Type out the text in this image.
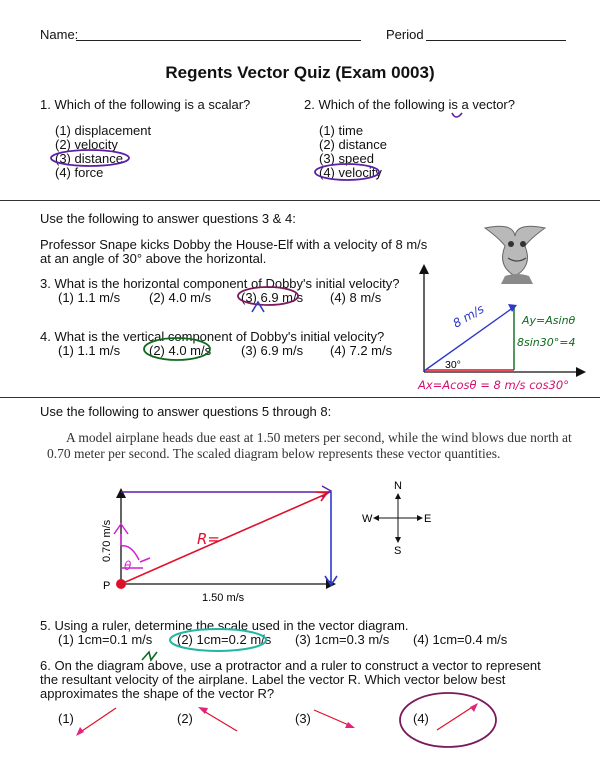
Name:	Period
Regents Vector Quiz (Exam 0003)
1. Which of the following is a scalar?
(1) displacement
(2) velocity
(3) distance
(4) force
2. Which of the following is a vector?
(1) time
(2) distance
(3) speed
(4) velocity
Use the following to answer questions 3 & 4:
Professor Snape kicks Dobby the House-Elf with a velocity of 8 m/s
at an angle of 30° above the horizontal.
3. What is the horizontal component of Dobby's initial velocity?
(1) 1.1 m/s (2) 4.0 m/s (3) 6.9 m/s (4) 8 m/s
4. What is the vertical component of Dobby's initial velocity?
(1) 1.1 m/s (2) 4.0 m/s (3) 6.9 m/s (4) 7.2 m/s
30°
8 m/s	Ay=Asinθ
8sin30°=4
Ax=Acosθ = 8 m/s cos30°
Use the following to answer questions 5 through 8:
A model airplane heads due east at 1.50 meters per second, while the wind blows due north at
0.70 meter per second. The scaled diagram below represents these vector quantities.
R=
θ
P
0.70 m/s
1.50 m/s
N
S
E
W
5. Using a ruler, determine the scale used in the vector diagram.
(1) 1cm=0.1 m/s (2) 1cm=0.2 m/s (3) 1cm=0.3 m/s (4) 1cm=0.4 m/s
6. On the diagram above, use a protractor and a ruler to construct a vector to represent
the resultant velocity of the airplane. Label the vector R. Which vector below best
approximates the shape of the vector R?
(1)	(2)	(3)	(4)
